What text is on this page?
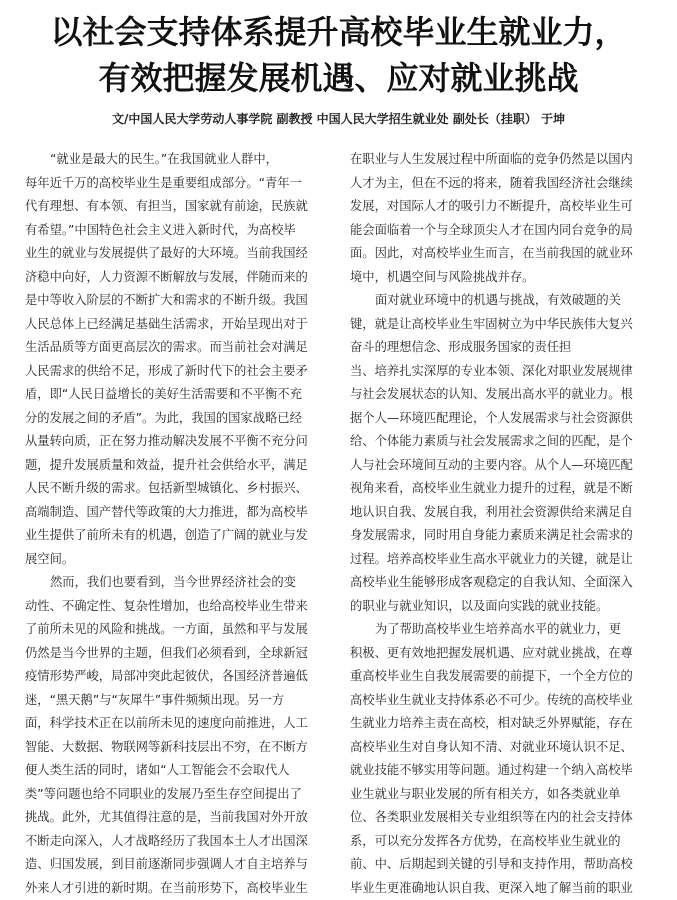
以社会支持体系提升高校毕业生就业力，
有效把握发展机遇、应对就业挑战
文/中国人民大学劳动人事学院 副教授 中国人民大学招生就业处 副处长（挂职） 于坤
“就业是最大的民生。”在我国就业人群中，
每年近千万的高校毕业生是重要组成部分。“青年一
代有理想、有本领、有担当，国家就有前途，民族就
有希望。”中国特色社会主义进入新时代，为高校毕
业生的就业与发展提供了最好的大环境。当前我国经
济稳中向好，人力资源不断解放与发展，伴随而来的
是中等收入阶层的不断扩大和需求的不断升级。我国
人民总体上已经满足基础生活需求，开始呈现出对于
生活品质等方面更高层次的需求。而当前社会对满足
人民需求的供给不足，形成了新时代下的社会主要矛
盾，即“人民日益增长的美好生活需要和不平衡不充
分的发展之间的矛盾”。为此，我国的国家战略已经
从量转向质，正在努力推动解决发展不平衡不充分问
题，提升发展质量和效益，提升社会供给水平，满足
人民不断升级的需求。包括新型城镇化、乡村振兴、
高端制造、国产替代等政策的大力推进，都为高校毕
业生提供了前所未有的机遇，创造了广阔的就业与发
展空间。
然而，我们也要看到，当今世界经济社会的变
动性、不确定性、复杂性增加，也给高校毕业生带来
了前所未见的风险和挑战。一方面，虽然和平与发展
仍然是当今世界的主题，但我们必须看到，全球新冠
疫情形势严峻，局部冲突此起彼伏，各国经济普遍低
迷，“黑天鹅”与“灰犀牛”事件频频出现。另一方
面，科学技术正在以前所未见的速度向前推进，人工
智能、大数据、物联网等新科技层出不穷，在不断方
便人类生活的同时，诸如“人工智能会不会取代人
类”等问题也给不同职业的发展乃至生存空间提出了
挑战。此外，尤其值得注意的是，当前我国对外开放
不断走向深入，人才战略经历了我国本土人才出国深
造、归国发展，到目前逐渐同步强调人才自主培养与
外来人才引进的新时期。在当前形势下，高校毕业生
在职业与人生发展过程中所面临的竞争仍然是以国内
人才为主，但在不远的将来，随着我国经济社会继续
发展，对国际人才的吸引力不断提升，高校毕业生可
能会面临着一个与全球顶尖人才在国内同台竞争的局
面。因此，对高校毕业生而言，在当前我国的就业环
境中，机遇空间与风险挑战并存。
面对就业环境中的机遇与挑战，有效破题的关
键，就是让高校毕业生牢固树立为中华民族伟大复兴
奋斗的理想信念、形成服务国家的责任担
当、培养扎实深厚的专业本领、深化对职业发展规律
与社会发展状态的认知、发展出高水平的就业力。根
据个人—环境匹配理论，个人发展需求与社会资源供
给、个体能力素质与社会发展需求之间的匹配，是个
人与社会环境间互动的主要内容。从个人—环境匹配
视角来看，高校毕业生就业力提升的过程，就是不断
地认识自我、发展自我，利用社会资源供给来满足自
身发展需求，同时用自身能力素质来满足社会需求的
过程。培养高校毕业生高水平就业力的关键，就是让
高校毕业生能够形成客观稳定的自我认知、全面深入
的职业与就业知识，以及面向实践的就业技能。
为了帮助高校毕业生培养高水平的就业力，更
积极、更有效地把握发展机遇、应对就业挑战，在尊
重高校毕业生自我发展需要的前提下，一个全方位的
高校毕业生就业支持体系必不可少。传统的高校毕业
生就业力培养主责在高校，相对缺乏外界赋能，存在
高校毕业生对自身认知不清、对就业环境认识不足、
就业技能不够实用等问题。通过构建一个纳入高校毕
业生就业与职业发展的所有相关方，如各类就业单
位、各类职业发展相关专业组织等在内的社会支持体
系，可以充分发挥各方优势，在高校毕业生就业的
前、中、后期起到关键的引导和支持作用，帮助高校
毕业生更准确地认识自我、更深入地了解当前的职业
